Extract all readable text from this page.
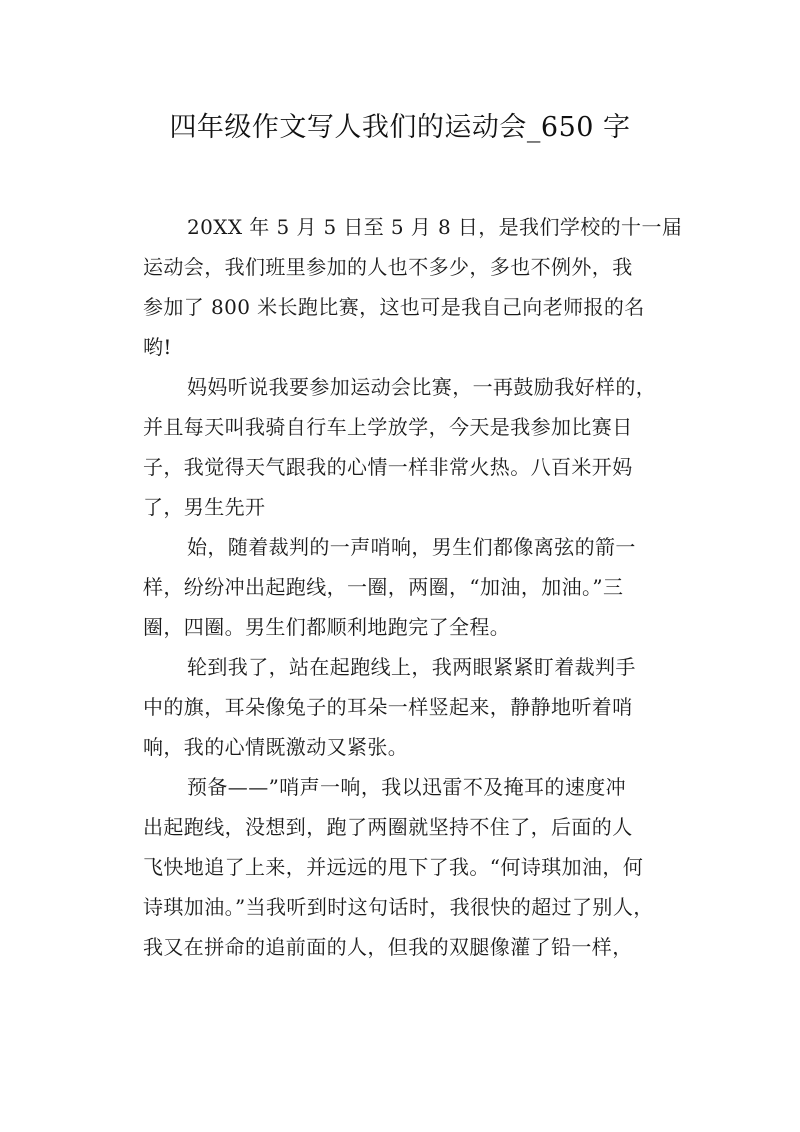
四年级作文写人我们的运动会_650 字
20XX 年 5 月 5 日至 5 月 8 日，是我们学校的十一届
运动会，我们班里参加的人也不多少，多也不例外，我
参加了 800 米长跑比赛，这也可是我自己向老师报的名
哟!
妈妈听说我要参加运动会比赛，一再鼓励我好样的，
并且每天叫我骑自行车上学放学，今天是我参加比赛日
子，我觉得天气跟我的心情一样非常火热。八百米开妈
了，男生先开
始，随着裁判的一声哨响，男生们都像离弦的箭一
样，纷纷冲出起跑线，一圈，两圈，“加油，加油。”三
圈，四圈。男生们都顺利地跑完了全程。
轮到我了，站在起跑线上，我两眼紧紧盯着裁判手
中的旗，耳朵像兔子的耳朵一样竖起来，静静地听着哨
响，我的心情既激动又紧张。
预备——”哨声一响，我以迅雷不及掩耳的速度冲
出起跑线，没想到，跑了两圈就坚持不住了，后面的人
飞快地追了上来，并远远的甩下了我。“何诗琪加油，何
诗琪加油。”当我听到时这句话时，我很快的超过了别人，
我又在拼命的追前面的人，但我的双腿像灌了铅一样，
